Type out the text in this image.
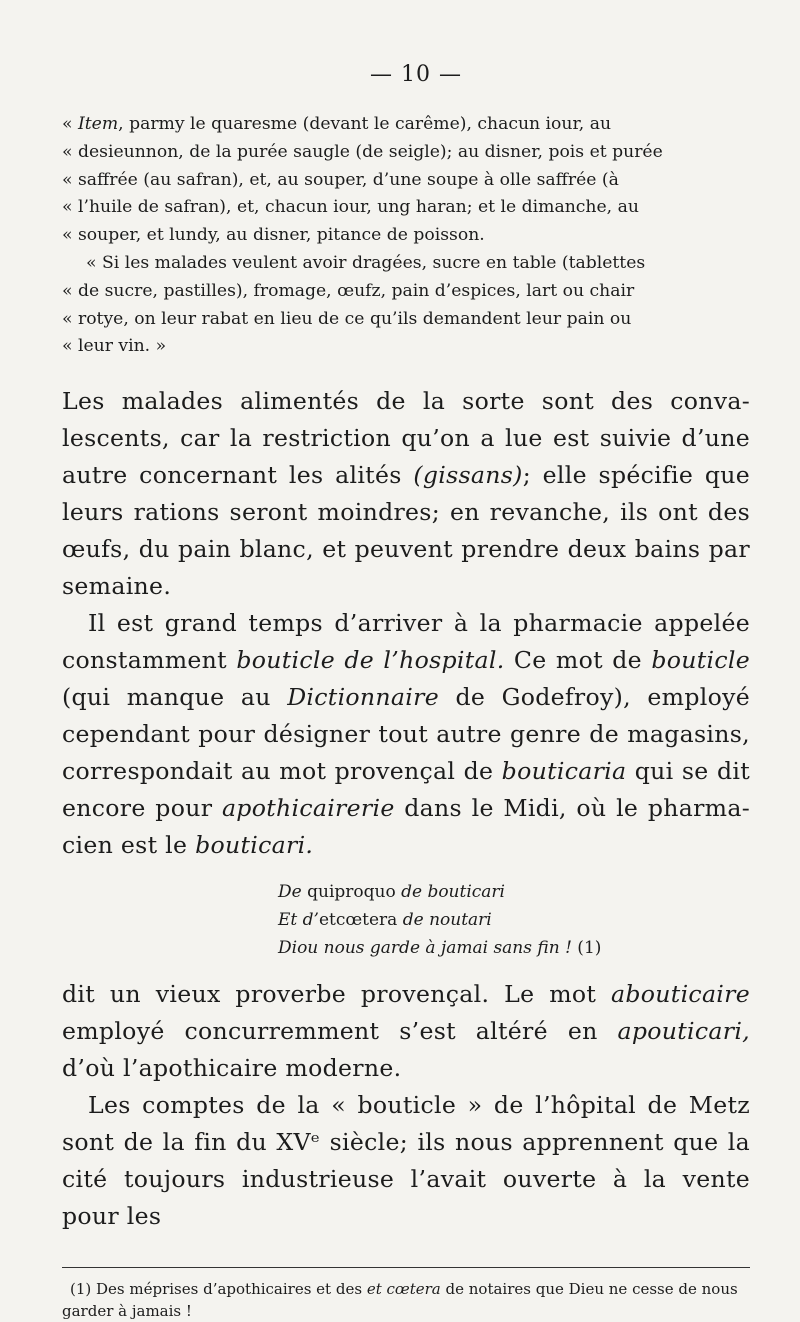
— 10 —

« Item, parmy le quaresme (devant le carême), chacun iour, au

« desieunnon, de la purée saugle (de seigle); au disner, pois et purée

« saffrée (au safran), et, au souper, d’une soupe à olle saffrée (à

« l’huile de safran), et, chacun iour, ung haran; et le dimanche, au

« souper, et lundy, au disner, pitance de poisson.

« Si les malades veulent avoir dragées, sucre en table (tablettes

« de sucre, pastilles), fromage, œufz, pain d’espices, lart ou chair

« rotye, on leur rabat en lieu de ce qu’ils demandent leur pain ou

« leur vin. »

Les malades alimentés de la sorte sont des conva-lescents, car la restriction qu’on a lue est suivie d’une autre concernant les alités (gissans); elle spécifie que leurs rations seront moindres; en revanche, ils ont des œufs, du pain blanc, et peuvent prendre deux bains par semaine.

Il est grand temps d’arriver à la pharmacie appelée constamment bouticle de l’hospital. Ce mot de bouticle (qui manque au Dictionnaire de Godefroy), employé cependant pour désigner tout autre genre de magasins, correspondait au mot provençal de bouticaria qui se dit encore pour apothicairerie dans le Midi, où le pharma-cien est le bouticari.

De quiproquo de bouticari

Et d’etcœtera de noutari

Diou nous garde à jamai sans fin ! (1)

dit un vieux proverbe provençal. Le mot abouticaire employé concurremment s’est altéré en apouticari, d’où l’apothicaire moderne.

Les comptes de la « bouticle » de l’hôpital de Metz sont de la fin du XVᵉ siècle; ils nous apprennent que la cité toujours industrieuse l’avait ouverte à la vente pour les

(1) Des méprises d’apothicaires et des et cœtera de notaires que Dieu ne cesse de nous garder à jamais !
